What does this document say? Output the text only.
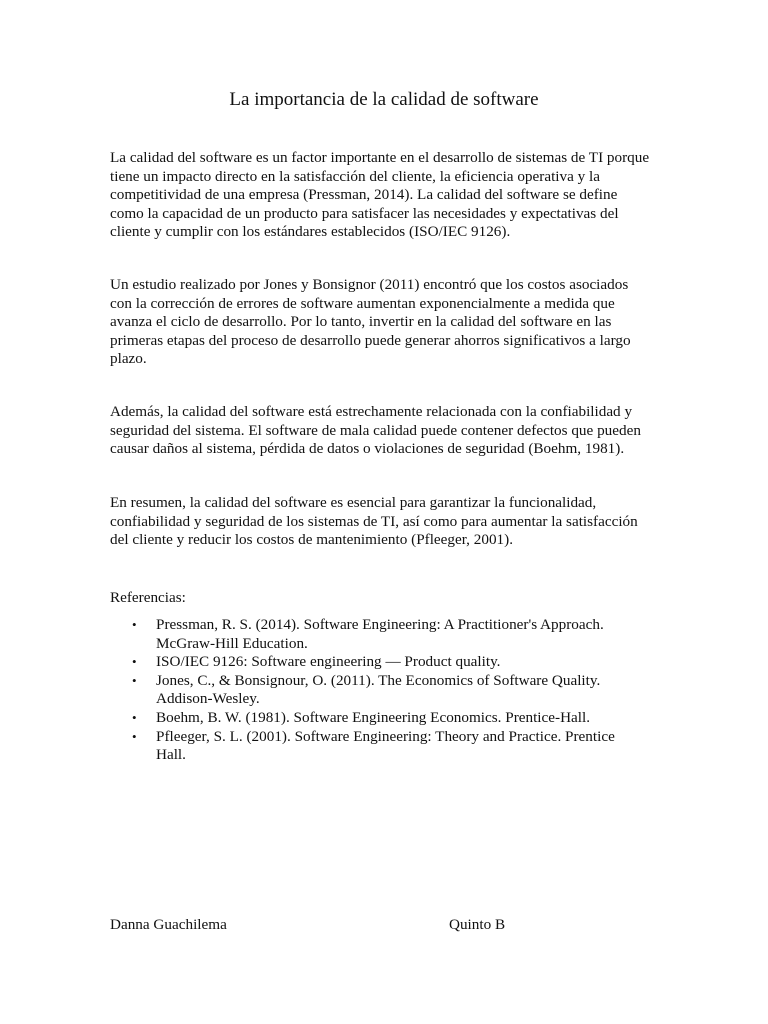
La importancia de la calidad de software

La calidad del software es un factor importante en el desarrollo de sistemas de TI porque tiene un impacto directo en la satisfacción del cliente, la eficiencia operativa y la competitividad de una empresa (Pressman, 2014). La calidad del software se define como la capacidad de un producto para satisfacer las necesidades y expectativas del cliente y cumplir con los estándares establecidos (ISO/IEC 9126).

Un estudio realizado por Jones y Bonsignor (2011) encontró que los costos asociados con la corrección de errores de software aumentan exponencialmente a medida que avanza el ciclo de desarrollo. Por lo tanto, invertir en la calidad del software en las primeras etapas del proceso de desarrollo puede generar ahorros significativos a largo plazo.

Además, la calidad del software está estrechamente relacionada con la confiabilidad y seguridad del sistema. El software de mala calidad puede contener defectos que pueden causar daños al sistema, pérdida de datos o violaciones de seguridad (Boehm, 1981).

En resumen, la calidad del software es esencial para garantizar la funcionalidad, confiabilidad y seguridad de los sistemas de TI, así como para aumentar la satisfacción del cliente y reducir los costos de mantenimiento (Pfleeger, 2001).

Referencias:
• Pressman, R. S. (2014). Software Engineering: A Practitioner's Approach. McGraw-Hill Education.
• ISO/IEC 9126: Software engineering — Product quality.
• Jones, C., & Bonsignour, O. (2011). The Economics of Software Quality. Addison-Wesley.
• Boehm, B. W. (1981). Software Engineering Economics. Prentice-Hall.
• Pfleeger, S. L. (2001). Software Engineering: Theory and Practice. Prentice Hall.
Danna Guachilema	Quinto B
